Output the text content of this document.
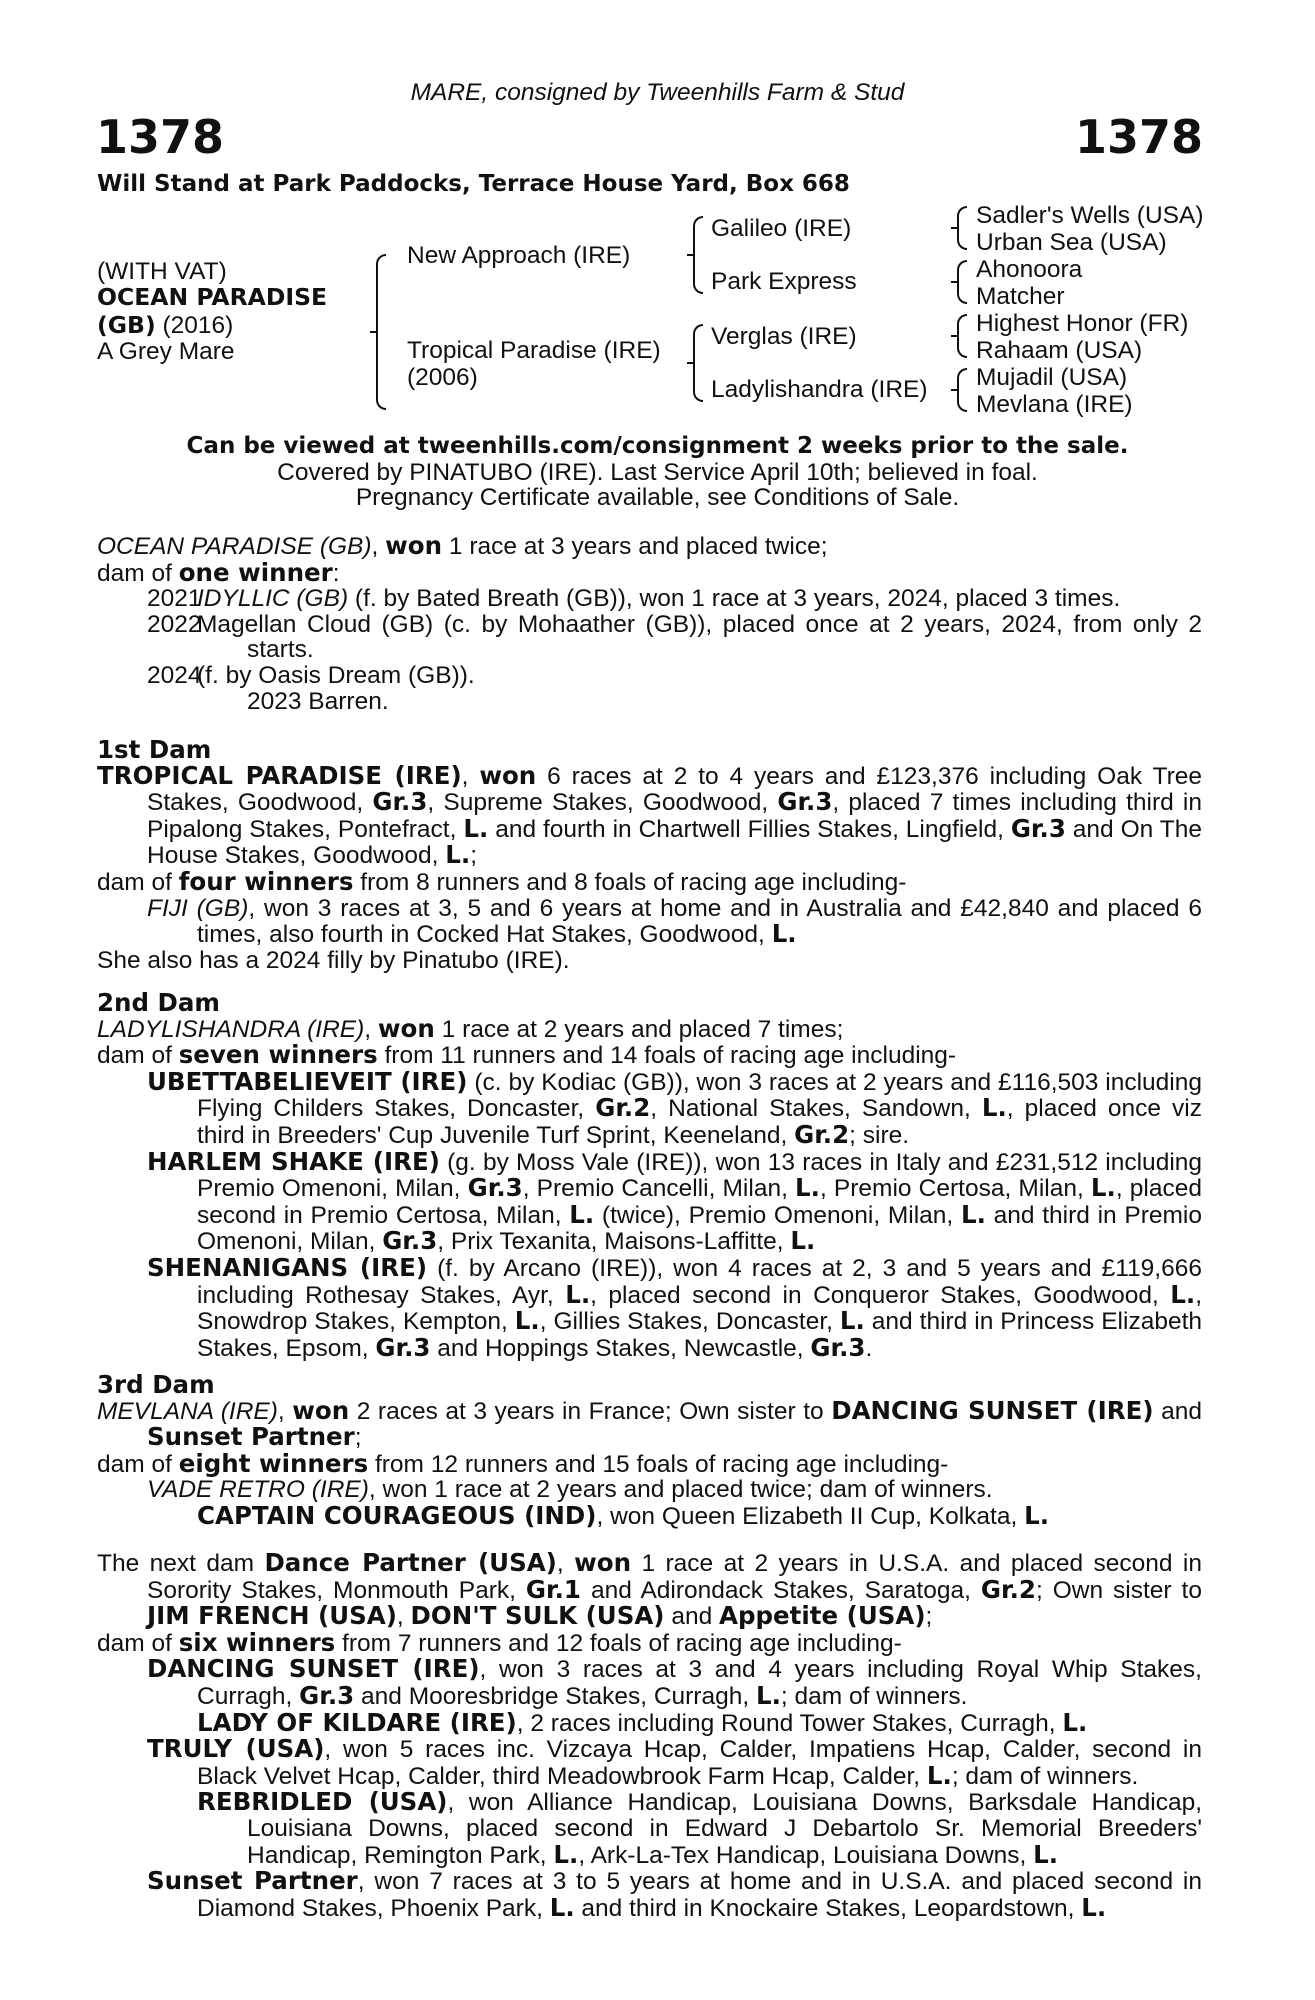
MARE, consigned by Tweenhills Farm & Stud
1378	1378
Will Stand at Park Paddocks, Terrace House Yard, Box 668
(WITH VAT)
OCEAN PARADISE
(GB) (2016)
A Grey Mare
New Approach (IRE)
Tropical Paradise (IRE)
(2006)
Galileo (IRE)
Park Express
Verglas (IRE)
Ladylishandra (IRE)
Sadler's Wells (USA)
Urban Sea (USA)
Ahonoora
Matcher
Highest Honor (FR)
Rahaam (USA)
Mujadil (USA)
Mevlana (IRE)
Can be viewed at tweenhills.com/consignment 2 weeks prior to the sale.
Covered by PINATUBO (IRE). Last Service April 10th; believed in foal.
Pregnancy Certificate available, see Conditions of Sale.
OCEAN PARADISE (GB), won 1 race at 3 years and placed twice;
dam of one winner:
2021
IDYLLIC (GB) (f. by Bated Breath (GB)), won 1 race at 3 years, 2024, placed 3 times.
2022
Magellan Cloud (GB) (c. by Mohaather (GB)), placed once at 2 years, 2024, from only 2 starts.
2024
(f. by Oasis Dream (GB)).
2023 Barren.
1st Dam
TROPICAL PARADISE (IRE), won 6 races at 2 to 4 years and £123,376 including Oak Tree Stakes, Goodwood, Gr.3, Supreme Stakes, Goodwood, Gr.3, placed 7 times including third in Pipalong Stakes, Pontefract, L. and fourth in Chartwell Fillies Stakes, Lingfield, Gr.3 and On The House Stakes, Goodwood, L.;
dam of four winners from 8 runners and 8 foals of racing age including-
FIJI (GB), won 3 races at 3, 5 and 6 years at home and in Australia and £42,840 and placed 6 times, also fourth in Cocked Hat Stakes, Goodwood, L.
She also has a 2024 filly by Pinatubo (IRE).
2nd Dam
LADYLISHANDRA (IRE), won 1 race at 2 years and placed 7 times;
dam of seven winners from 11 runners and 14 foals of racing age including-
UBETTABELIEVEIT (IRE) (c. by Kodiac (GB)), won 3 races at 2 years and £116,503 including Flying Childers Stakes, Doncaster, Gr.2, National Stakes, Sandown, L., placed once viz third in Breeders' Cup Juvenile Turf Sprint, Keeneland, Gr.2; sire.
HARLEM SHAKE (IRE) (g. by Moss Vale (IRE)), won 13 races in Italy and £231,512 including Premio Omenoni, Milan, Gr.3, Premio Cancelli, Milan, L., Premio Certosa, Milan, L., placed second in Premio Certosa, Milan, L. (twice), Premio Omenoni, Milan, L. and third in Premio Omenoni, Milan, Gr.3, Prix Texanita, Maisons-Laffitte, L.
SHENANIGANS (IRE) (f. by Arcano (IRE)), won 4 races at 2, 3 and 5 years and £119,666 including Rothesay Stakes, Ayr, L., placed second in Conqueror Stakes, Goodwood, L., Snowdrop Stakes, Kempton, L., Gillies Stakes, Doncaster, L. and third in Princess Elizabeth Stakes, Epsom, Gr.3 and Hoppings Stakes, Newcastle, Gr.3.
3rd Dam
MEVLANA (IRE), won 2 races at 3 years in France; Own sister to DANCING SUNSET (IRE) and Sunset Partner;
dam of eight winners from 12 runners and 15 foals of racing age including-
VADE RETRO (IRE), won 1 race at 2 years and placed twice; dam of winners.
CAPTAIN COURAGEOUS (IND), won Queen Elizabeth II Cup, Kolkata, L.
The next dam Dance Partner (USA), won 1 race at 2 years in U.S.A. and placed second in Sorority Stakes, Monmouth Park, Gr.1 and Adirondack Stakes, Saratoga, Gr.2; Own sister to JIM FRENCH (USA), DON'T SULK (USA) and Appetite (USA);
dam of six winners from 7 runners and 12 foals of racing age including-
DANCING SUNSET (IRE), won 3 races at 3 and 4 years including Royal Whip Stakes, Curragh, Gr.3 and Mooresbridge Stakes, Curragh, L.; dam of winners.
LADY OF KILDARE (IRE), 2 races including Round Tower Stakes, Curragh, L.
TRULY (USA), won 5 races inc. Vizcaya Hcap, Calder, Impatiens Hcap, Calder, second in Black Velvet Hcap, Calder, third Meadowbrook Farm Hcap, Calder, L.; dam of winners.
REBRIDLED (USA), won Alliance Handicap, Louisiana Downs, Barksdale Handicap, Louisiana Downs, placed second in Edward J Debartolo Sr. Memorial Breeders' Handicap, Remington Park, L., Ark-La-Tex Handicap, Louisiana Downs, L.
Sunset Partner, won 7 races at 3 to 5 years at home and in U.S.A. and placed second in Diamond Stakes, Phoenix Park, L. and third in Knockaire Stakes, Leopardstown, L.
